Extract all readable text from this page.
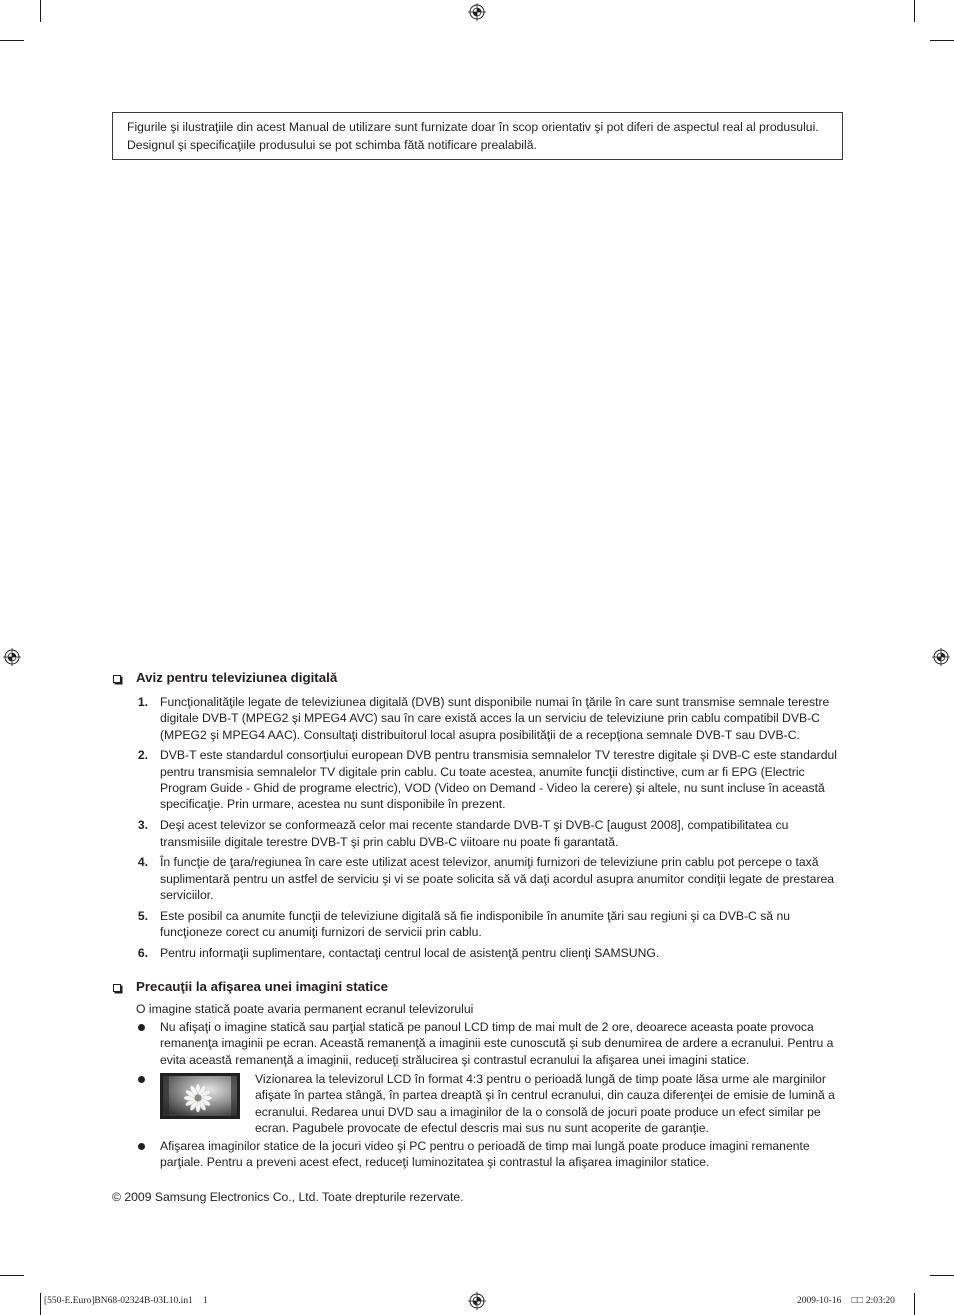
Figurile şi ilustraţiile din acest Manual de utilizare sunt furnizate doar în scop orientativ şi pot diferi de aspectul real al produsului.
Designul şi specificaţiile produsului se pot schimba fătă notificare prealabilă.
Aviz pentru televiziunea digitală
1. Funcţionalităţile legate de televiziunea digitală (DVB) sunt disponibile numai în ţările în care sunt transmise semnale terestre
digitale DVB-T (MPEG2 şi MPEG4 AVC) sau în care există acces la un serviciu de televiziune prin cablu compatibil DVB-C
(MPEG2 şi MPEG4 AAC). Consultaţi distribuitorul local asupra posibilităţii de a recepţiona semnale DVB-T sau DVB-C.
2. DVB-T este standardul consorţiului european DVB pentru transmisia semnalelor TV terestre digitale şi DVB-C este standardul
pentru transmisia semnalelor TV digitale prin cablu. Cu toate acestea, anumite funcţii distinctive, cum ar fi EPG (Electric
Program Guide - Ghid de programe electric), VOD (Video on Demand - Video la cerere) şi altele, nu sunt incluse în această
specificaţie. Prin urmare, acestea nu sunt disponibile în prezent.
3. Deşi acest televizor se conformează celor mai recente standarde DVB-T şi DVB-C [august 2008], compatibilitatea cu
transmisiile digitale terestre DVB-T şi prin cablu DVB-C viitoare nu poate fi garantată.
4. În funcţie de ţara/regiunea în care este utilizat acest televizor, anumiţi furnizori de televiziune prin cablu pot percepe o taxă
suplimentară pentru un astfel de serviciu şi vi se poate solicita să vă daţi acordul asupra anumitor condiţii legate de prestarea
serviciilor.
5. Este posibil ca anumite funcţii de televiziune digitală să fie indisponibile în anumite ţări sau regiuni şi ca DVB-C să nu
funcţioneze corect cu anumiţi furnizori de servicii prin cablu.
6. Pentru informaţii suplimentare, contactaţi centrul local de asistenţă pentru clienţi SAMSUNG.
Precauţii la afişarea unei imagini statice
O imagine statică poate avaria permanent ecranul televizorului
Nu afişaţi o imagine statică sau parţial statică pe panoul LCD timp de mai mult de 2 ore, deoarece aceasta poate provoca
remanenţa imaginii pe ecran. Această remanenţă a imaginii este cunoscută şi sub denumirea de ardere a ecranului. Pentru a
evita această remanenţă a imaginii, reduceţi strălucirea şi contrastul ecranului la afişarea unei imagini statice.
Vizionarea la televizorul LCD în format 4:3 pentru o perioadă lungă de timp poate lăsa urme ale marginilor
afişate în partea stângă, în partea dreaptă şi în centrul ecranului, din cauza diferenţei de emisie de lumină a
ecranului. Redarea unui DVD sau a imaginilor de la o consolă de jocuri poate produce un efect similar pe
ecran. Pagubele provocate de efectul descris mai sus nu sunt acoperite de garanţie.
Afişarea imaginilor statice de la jocuri video şi PC pentru o perioadă de timp mai lungă poate produce imagini remanente
parţiale. Pentru a preveni acest efect, reduceţi luminozitatea şi contrastul la afişarea imaginilor statice.
© 2009 Samsung Electronics Co., Ltd. Toate drepturile rezervate.
[550-E.Euro]BN68-02324B-03L10.in1 1	2009-10-16 □□ 2:03:20
